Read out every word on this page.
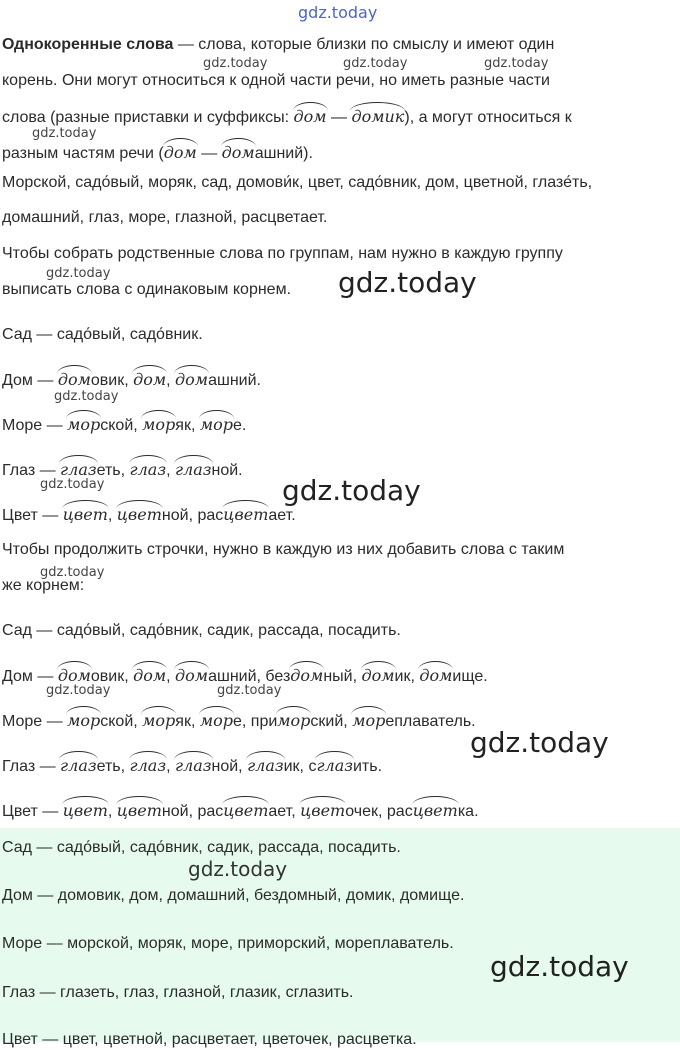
gdz.today
gdz.today	gdz.today	gdz.today
gdz.today
gdz.today	gdz.today
gdz.today
gdz.today	gdz.today
gdz.today
gdz.today	gdz.today
gdz.today
gdz.today
gdz.today
Однокоренные слова — слова, которые близки по смыслу и имеют один
корень. Они могут относиться к одной части речи, но иметь разные части
слова (разные приставки и суффиксы: дом — домик), а могут относиться к
разным частям речи (дом — домашний).
Морской, садо́вый, моряк, сад, домови́к, цвет, садо́вник, дом, цветной, глазе́ть,
домашний, глаз, море, глазной, расцветает.
Чтобы собрать родственные слова по группам, нам нужно в каждую группу
выписать слова с одинаковым корнем.
Сад — садо́вый, садо́вник.
Дом — домовик, дом, домашний.
Море — морской, моряк, море.
Глаз — глазеть, глаз, глазной.
Цвет — цвет, цветной, расцветает.
Чтобы продолжить строчки, нужно в каждую из них добавить слова с таким
же корнем:
Сад — садо́вый, садо́вник, садик, рассада, посадить.
Дом — домовик, дом, домашний, бездомный, домик, домище.
Море — морской, моряк, море, приморский, мореплаватель.
Глаз — глазеть, глаз, глазной, глазик, сглазить.
Цвет — цвет, цветной, расцветает, цветочек, расцветка.
Сад — садо́вый, садо́вник, садик, рассада, посадить.
Дом — домовик, дом, домашний, бездомный, домик, домище.
Море — морской, моряк, море, приморский, мореплаватель.
Глаз — глазеть, глаз, глазной, глазик, сглазить.
Цвет — цвет, цветной, расцветает, цветочек, расцветка.
